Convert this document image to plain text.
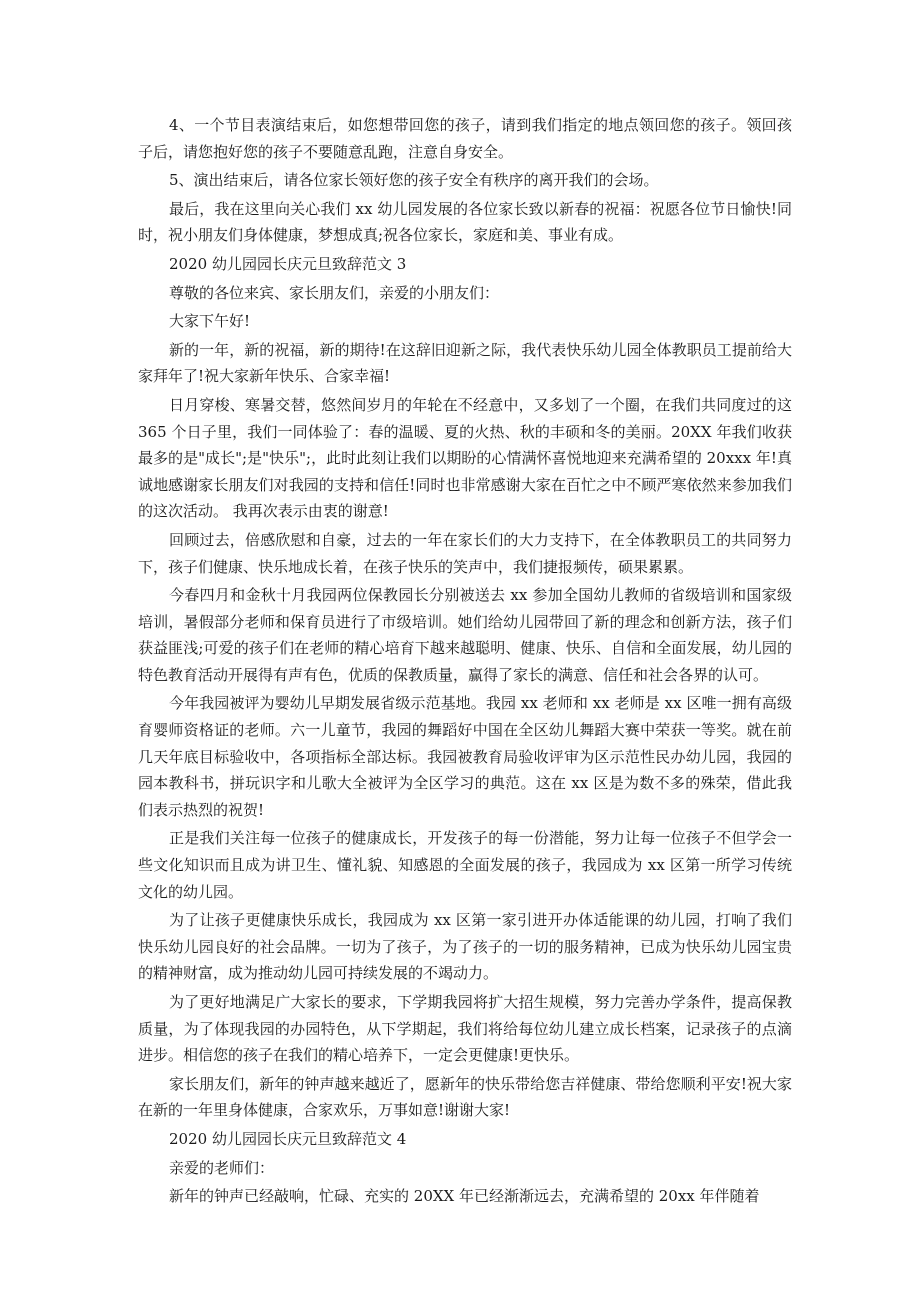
4、一个节目表演结束后，如您想带回您的孩子，请到我们指定的地点领回您的孩子。领回孩子后，请您抱好您的孩子不要随意乱跑，注意自身安全。

5、演出结束后，请各位家长领好您的孩子安全有秩序的离开我们的会场。

最后，我在这里向关心我们 xx 幼儿园发展的各位家长致以新春的祝福：祝愿各位节日愉快!同时，祝小朋友们身体健康，梦想成真;祝各位家长，家庭和美、事业有成。

2020 幼儿园园长庆元旦致辞范文 3

尊敬的各位来宾、家长朋友们，亲爱的小朋友们：

大家下午好!

新的一年，新的祝福，新的期待!在这辞旧迎新之际，我代表快乐幼儿园全体教职员工提前给大家拜年了!祝大家新年快乐、合家幸福!

日月穿梭、寒暑交替，悠然间岁月的年轮在不经意中，又多划了一个圈，在我们共同度过的这 365 个日子里，我们一同体验了：春的温暖、夏的火热、秋的丰硕和冬的美丽。20XX 年我们收获最多的是"成长";是"快乐";，此时此刻让我们以期盼的心情满怀喜悦地迎来充满希望的 20xxx 年!真诚地感谢家长朋友们对我园的支持和信任!同时也非常感谢大家在百忙之中不顾严寒依然来参加我们的这次活动。 我再次表示由衷的谢意!

回顾过去，倍感欣慰和自豪，过去的一年在家长们的大力支持下，在全体教职员工的共同努力下，孩子们健康、快乐地成长着，在孩子快乐的笑声中，我们捷报频传，硕果累累。

今春四月和金秋十月我园两位保教园长分别被送去 xx 参加全国幼儿教师的省级培训和国家级培训，暑假部分老师和保育员进行了市级培训。她们给幼儿园带回了新的理念和创新方法，孩子们获益匪浅;可爱的孩子们在老师的精心培育下越来越聪明、健康、快乐、自信和全面发展，幼儿园的特色教育活动开展得有声有色，优质的保教质量，赢得了家长的满意、信任和社会各界的认可。

今年我园被评为婴幼儿早期发展省级示范基地。我园 xx 老师和 xx 老师是 xx 区唯一拥有高级育婴师资格证的老师。六一儿童节，我园的舞蹈好中国在全区幼儿舞蹈大赛中荣获一等奖。就在前几天年底目标验收中，各项指标全部达标。我园被教育局验收评审为区示范性民办幼儿园，我园的园本教科书，拼玩识字和儿歌大全被评为全区学习的典范。这在 xx 区是为数不多的殊荣，借此我们表示热烈的祝贺!

正是我们关注每一位孩子的健康成长，开发孩子的每一份潜能，努力让每一位孩子不但学会一些文化知识而且成为讲卫生、懂礼貌、知感恩的全面发展的孩子，我园成为 xx 区第一所学习传统文化的幼儿园。

为了让孩子更健康快乐成长，我园成为 xx 区第一家引进开办体适能课的幼儿园，打响了我们快乐幼儿园良好的社会品牌。一切为了孩子，为了孩子的一切的服务精神，已成为快乐幼儿园宝贵的精神财富，成为推动幼儿园可持续发展的不竭动力。

为了更好地满足广大家长的要求，下学期我园将扩大招生规模，努力完善办学条件，提高保教质量，为了体现我园的办园特色，从下学期起，我们将给每位幼儿建立成长档案，记录孩子的点滴进步。相信您的孩子在我们的精心培养下，一定会更健康!更快乐。

家长朋友们，新年的钟声越来越近了，愿新年的快乐带给您吉祥健康、带给您顺利平安!祝大家在新的一年里身体健康，合家欢乐，万事如意!谢谢大家!

2020 幼儿园园长庆元旦致辞范文 4

亲爱的老师们：

新年的钟声已经敲响，忙碌、充实的 20XX 年已经渐渐远去，充满希望的 20xx 年伴随着
